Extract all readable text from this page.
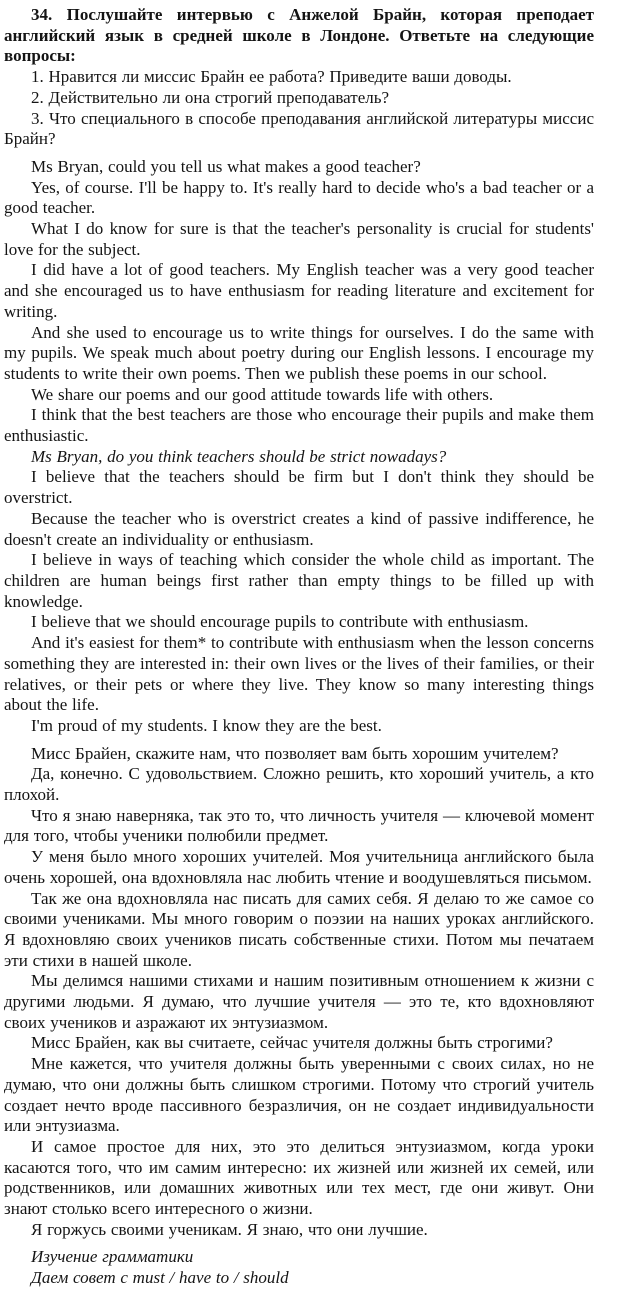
34. Послушайте интервью с Анжелой Брайн, которая преподает английский язык в средней школе в Лондоне. Ответьте на следующие вопросы:

1. Нравится ли миссис Брайн ее работа? Приведите ваши доводы.

2. Действительно ли она строгий преподаватель?

3. Что специального в способе преподавания английской литературы миссис Брайн?

Ms Bryan, could you tell us what makes a good teacher?

Yes, of course. I'll be happy to. It's really hard to decide who's a bad teacher or a good teacher.

What I do know for sure is that the teacher's personality is crucial for students' love for the subject.

I did have a lot of good teachers. My English teacher was a very good teacher and she encouraged us to have enthusiasm for reading literature and excitement for writing.

And she used to encourage us to write things for ourselves. I do the same with my pupils. We speak much about poetry during our English lessons. I encourage my students to write their own poems. Then we publish these poems in our school.

We share our poems and our good attitude towards life with others.

I think that the best teachers are those who encourage their pupils and make them enthusiastic.

Ms Bryan, do you think teachers should be strict nowadays?

I believe that the teachers should be firm but I don't think they should be overstrict.

Because the teacher who is overstrict creates a kind of passive indifference, he doesn't create an individuality or enthusiasm.

I believe in ways of teaching which consider the whole child as important. The children are human beings first rather than empty things to be filled up with knowledge.

I believe that we should encourage pupils to contribute with enthusiasm.

And it's easiest for them* to contribute with enthusiasm when the lesson concerns something they are interested in: their own lives or the lives of their families, or their relatives, or their pets or where they live. They know so many interesting things about the life.

I'm proud of my students. I know they are the best.

Мисс Брайен, скажите нам, что позволяет вам быть хорошим учителем?

Да, конечно. С удовольствием. Сложно решить, кто хороший учитель, а кто плохой.

Что я знаю наверняка, так это то, что личность учителя — ключевой момент для того, чтобы ученики полюбили предмет.

У меня было много хороших учителей. Моя учительница английского была очень хорошей, она вдохновляла нас любить чтение и воодушевляться письмом.

Так же она вдохновляла нас писать для самих себя. Я делаю то же самое со своими учениками. Мы много говорим о поэзии на наших уроках английского. Я вдохновляю своих учеников писать собственные стихи. Потом мы печатаем эти стихи в нашей школе.

Мы делимся нашими стихами и нашим позитивным отношением к жизни с другими людьми. Я думаю, что лучшие учителя — это те, кто вдохновляют своих учеников и азражают их энтузиазмом.

Мисс Брайен, как вы считаете, сейчас учителя должны быть строгими?

Мне кажется, что учителя должны быть уверенными с своих силах, но не думаю, что они должны быть слишком строгими. Потому что строгий учитель создает нечто вроде пассивного безразличия, он не создает индивидуальности или энтузиазма.

И самое простое для них, это это делиться энтузиазмом, когда уроки касаются того, что им самим интересно: их жизней или жизней их семей, или родственников, или домашних животных или тех мест, где они живут. Они знают столько всего интересного о жизни.

Я горжусь своими ученикам. Я знаю, что они лучшие.

Изучение грамматики

Даем совет с must / have to / should
